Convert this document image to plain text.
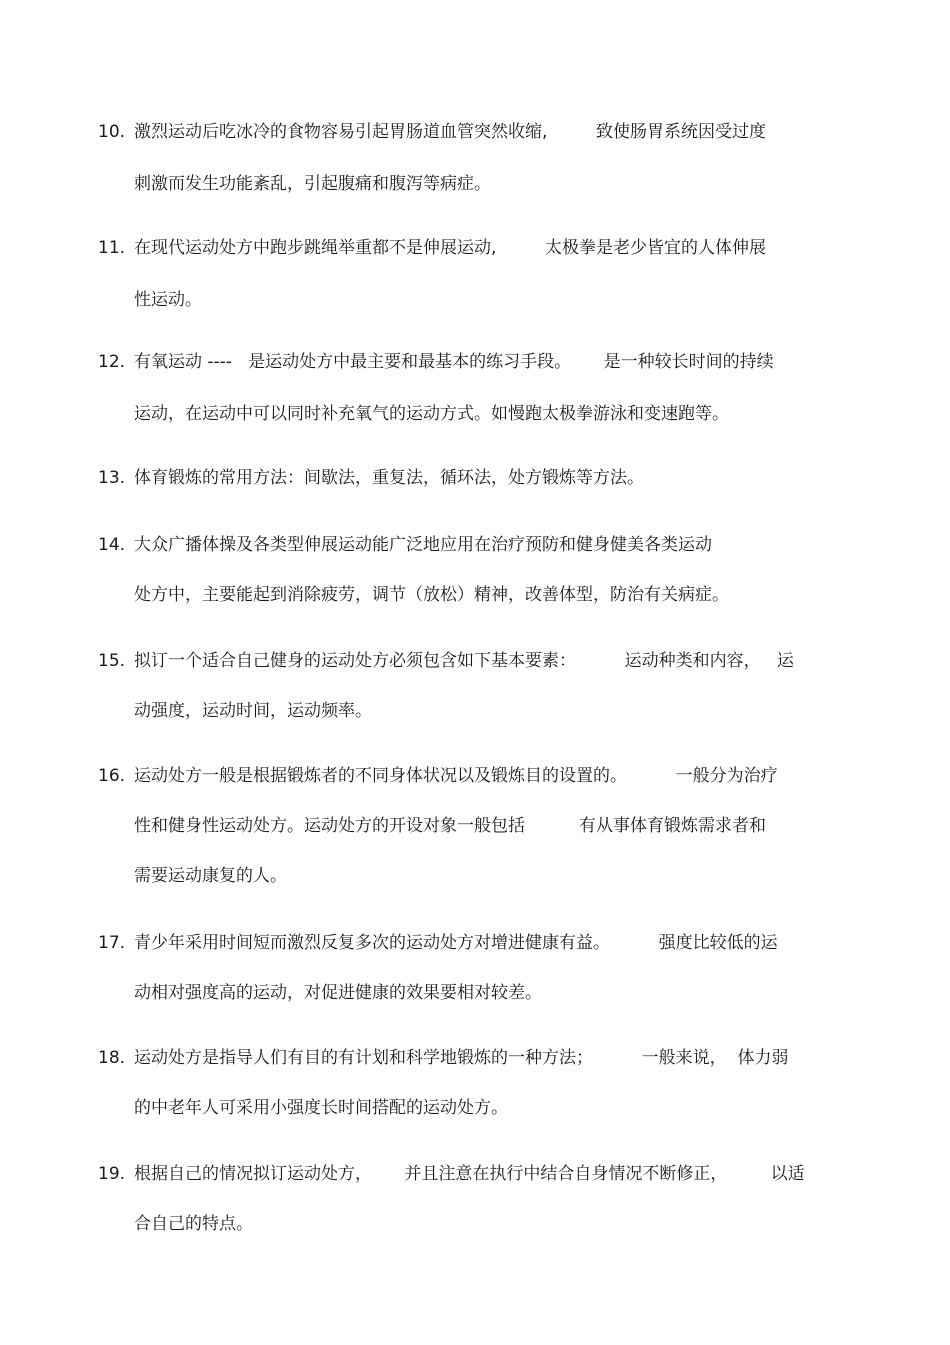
10. 激烈运动后吃冰冷的食物容易引起胃肠道血管突然收缩,         致使肠胃系统因受过度
刺激而发生功能紊乱，引起腹痛和腹泻等病症。
11. 在现代运动处方中跑步跳绳举重都不是伸展运动,         太极拳是老少皆宜的人体伸展
性运动。
12. 有氧运动 ----   是运动处方中最主要和最基本的练习手段。      是一种较长时间的持续
运动，在运动中可以同时补充氧气的运动方式。如慢跑太极拳游泳和变速跑等。
13. 体育锻炼的常用方法：间歇法，重复法，循环法，处方锻炼等方法。
14. 大众广播体操及各类型伸展运动能广泛地应用在治疗预防和健身健美各类运动
处方中，主要能起到消除疲劳，调节（放松）精神，改善体型，防治有关病症。
15. 拟订一个适合自己健身的运动处方必须包含如下基本要素：         运动种类和内容，   运
动强度，运动时间，运动频率。
16. 运动处方一般是根据锻炼者的不同身体状况以及锻炼目的设置的。         一般分为治疗
性和健身性运动处方。运动处方的开设对象一般包括          有从事体育锻炼需求者和
需要运动康复的人。
17. 青少年采用时间短而激烈反复多次的运动处方对增进健康有益。         强度比较低的运
动相对强度高的运动，对促进健康的效果要相对较差。
18. 运动处方是指导人们有目的有计划和科学地锻炼的一种方法；         一般来说，  体力弱
的中老年人可采用小强度长时间搭配的运动处方。
19. 根据自己的情况拟订运动处方，      并且注意在执行中结合自身情况不断修正，        以适
合自己的特点。
